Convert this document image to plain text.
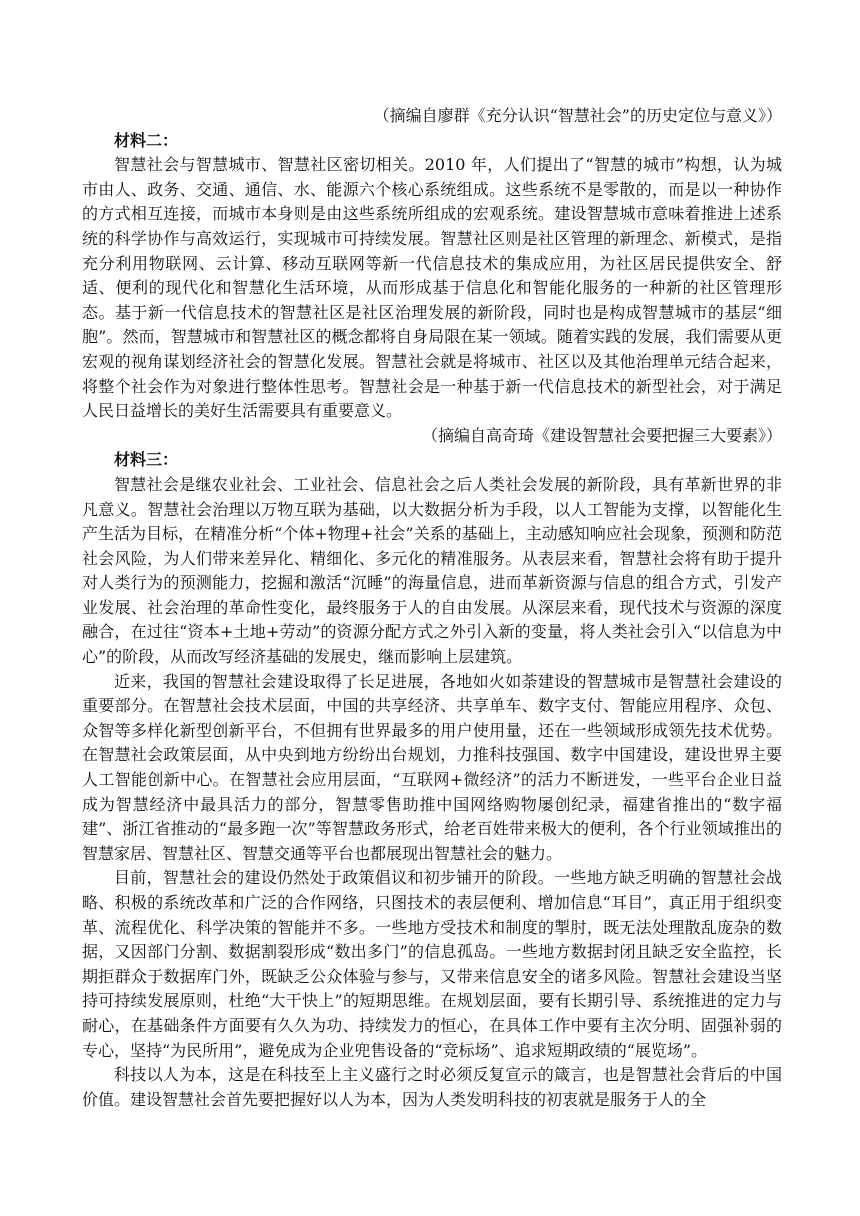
（摘编自廖群《充分认识“智慧社会”的历史定位与意义》）
材料二：

智慧社会与智慧城市、智慧社区密切相关。2010 年，人们提出了“智慧的城市”构想，认为城市由人、政务、交通、通信、水、能源六个核心系统组成。这些系统不是零散的，而是以一种协作的方式相互连接，而城市本身则是由这些系统所组成的宏观系统。建设智慧城市意味着推进上述系统的科学协作与高效运行，实现城市可持续发展。智慧社区则是社区管理的新理念、新模式，是指充分利用物联网、云计算、移动互联网等新一代信息技术的集成应用，为社区居民提供安全、舒适、便利的现代化和智慧化生活环境，从而形成基于信息化和智能化服务的一种新的社区管理形态。基于新一代信息技术的智慧社区是社区治理发展的新阶段，同时也是构成智慧城市的基层“细胞”。然而，智慧城市和智慧社区的概念都将自身局限在某一领域。随着实践的发展，我们需要从更宏观的视角谋划经济社会的智慧化发展。智慧社会就是将城市、社区以及其他治理单元结合起来，将整个社会作为对象进行整体性思考。智慧社会是一种基于新一代信息技术的新型社会，对于满足人民日益增长的美好生活需要具有重要意义。

（摘编自高奇琦《建设智慧社会要把握三大要素》）
材料三：

智慧社会是继农业社会、工业社会、信息社会之后人类社会发展的新阶段，具有革新世界的非凡意义。智慧社会治理以万物互联为基础，以大数据分析为手段，以人工智能为支撑，以智能化生产生活为目标，在精准分析“个体+物理+社会”关系的基础上，主动感知响应社会现象，预测和防范社会风险，为人们带来差异化、精细化、多元化的精准服务。从表层来看，智慧社会将有助于提升对人类行为的预测能力，挖掘和激活“沉睡”的海量信息，进而革新资源与信息的组合方式，引发产业发展、社会治理的革命性变化，最终服务于人的自由发展。从深层来看，现代技术与资源的深度融合，在过往“资本+土地+劳动”的资源分配方式之外引入新的变量，将人类社会引入“以信息为中心”的阶段，从而改写经济基础的发展史，继而影响上层建筑。

近来，我国的智慧社会建设取得了长足进展，各地如火如荼建设的智慧城市是智慧社会建设的重要部分。在智慧社会技术层面，中国的共享经济、共享单车、数字支付、智能应用程序、众包、众智等多样化新型创新平台，不但拥有世界最多的用户使用量，还在一些领域形成领先技术优势。在智慧社会政策层面，从中央到地方纷纷出台规划，力推科技强国、数字中国建设，建设世界主要人工智能创新中心。在智慧社会应用层面，“互联网+微经济”的活力不断迸发，一些平台企业日益成为智慧经济中最具活力的部分，智慧零售助推中国网络购物屡创纪录，福建省推出的“数字福建”、浙江省推动的“最多跑一次”等智慧政务形式，给老百姓带来极大的便利，各个行业领域推出的智慧家居、智慧社区、智慧交通等平台也都展现出智慧社会的魅力。

目前，智慧社会的建设仍然处于政策倡议和初步铺开的阶段。一些地方缺乏明确的智慧社会战略、积极的系统改革和广泛的合作网络，只图技术的表层便利、增加信息“耳目”，真正用于组织变革、流程优化、科学决策的智能并不多。一些地方受技术和制度的掣肘，既无法处理散乱庞杂的数据，又因部门分割、数据割裂形成“数出多门”的信息孤岛。一些地方数据封闭且缺乏安全监控，长期拒群众于数据库门外，既缺乏公众体验与参与，又带来信息安全的诸多风险。智慧社会建设当坚持可持续发展原则，杜绝“大干快上”的短期思维。在规划层面，要有长期引导、系统推进的定力与耐心，在基础条件方面要有久久为功、持续发力的恒心，在具体工作中要有主次分明、固强补弱的专心，坚持“为民所用”，避免成为企业兜售设备的“竞标场”、追求短期政绩的“展览场”。

科技以人为本，这是在科技至上主义盛行之时必须反复宣示的箴言，也是智慧社会背后的中国价值。建设智慧社会首先要把握好以人为本，因为人类发明科技的初衷就是服务于人的全
